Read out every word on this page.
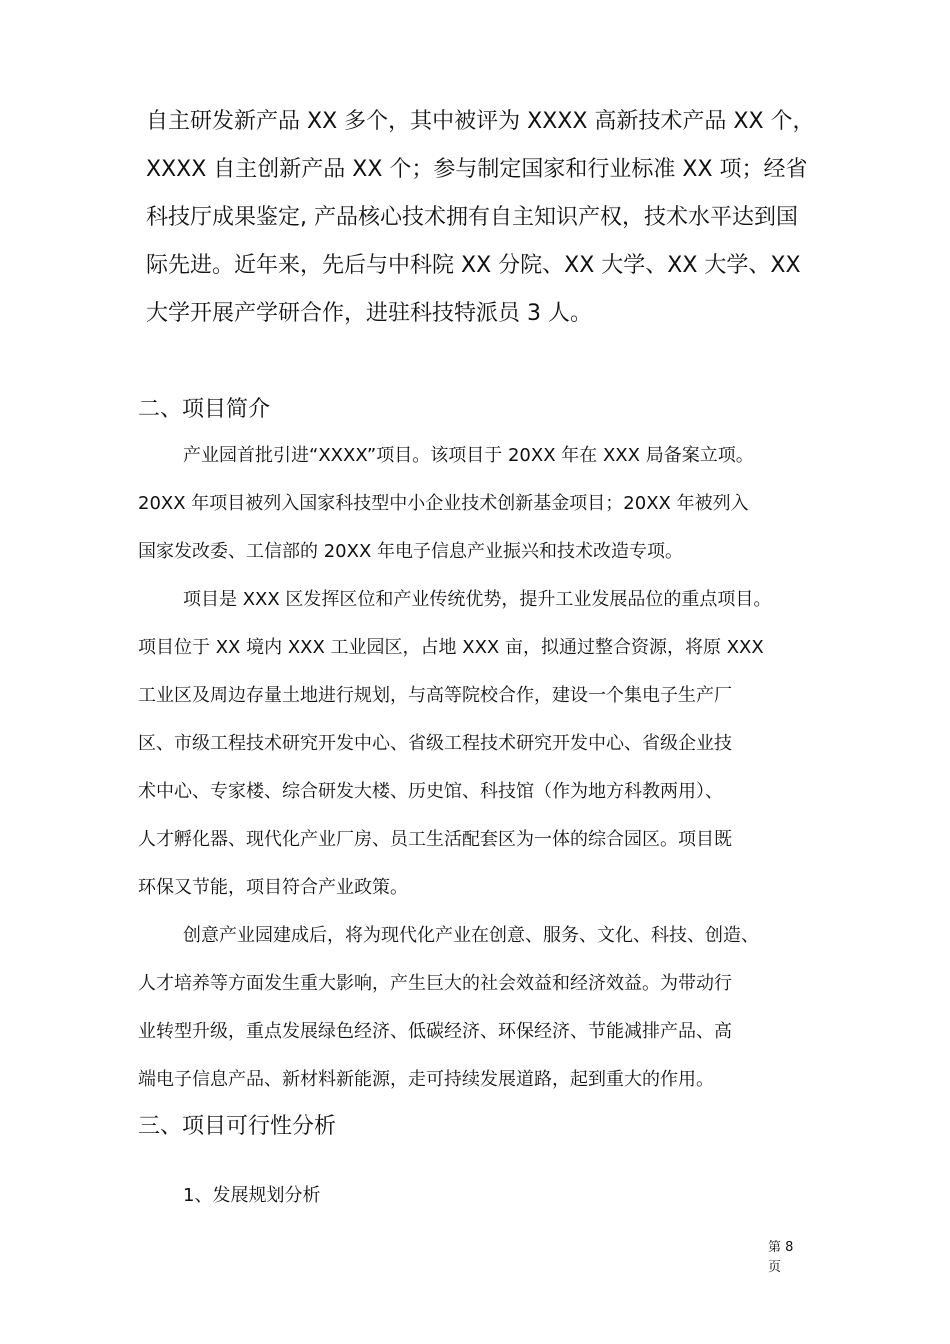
自主研发新产品 XX 多个，其中被评为 XXXX 高新技术产品 XX 个，
XXXX 自主创新产品 XX 个；参与制定国家和行业标准 XX 项；经省
科技厅成果鉴定, 产品核心技术拥有自主知识产权，技术水平达到国
际先进。近年来，先后与中科院 XX 分院、XX 大学、XX 大学、XX
大学开展产学研合作，进驻科技特派员 3 人。
二、项目简介
产业园首批引进“XXXX”项目。该项目于 20XX 年在 XXX 局备案立项。
20XX 年项目被列入国家科技型中小企业技术创新基金项目；20XX 年被列入
国家发改委、工信部的 20XX 年电子信息产业振兴和技术改造专项。
项目是 XXX 区发挥区位和产业传统优势，提升工业发展品位的重点项目。
项目位于 XX 境内 XXX 工业园区，占地 XXX 亩，拟通过整合资源，将原 XXX
工业区及周边存量土地进行规划，与高等院校合作，建设一个集电子生产厂
区、市级工程技术研究开发中心、省级工程技术研究开发中心、省级企业技
术中心、专家楼、综合研发大楼、历史馆、科技馆（作为地方科教两用）、
人才孵化器、现代化产业厂房、员工生活配套区为一体的综合园区。项目既
环保又节能，项目符合产业政策。
创意产业园建成后，将为现代化产业在创意、服务、文化、科技、创造、
人才培养等方面发生重大影响，产生巨大的社会效益和经济效益。为带动行
业转型升级，重点发展绿色经济、低碳经济、环保经济、节能减排产品、高
端电子信息产品、新材料新能源，走可持续发展道路，起到重大的作用。
三、项目可行性分析
1、发展规划分析
第 8
页
